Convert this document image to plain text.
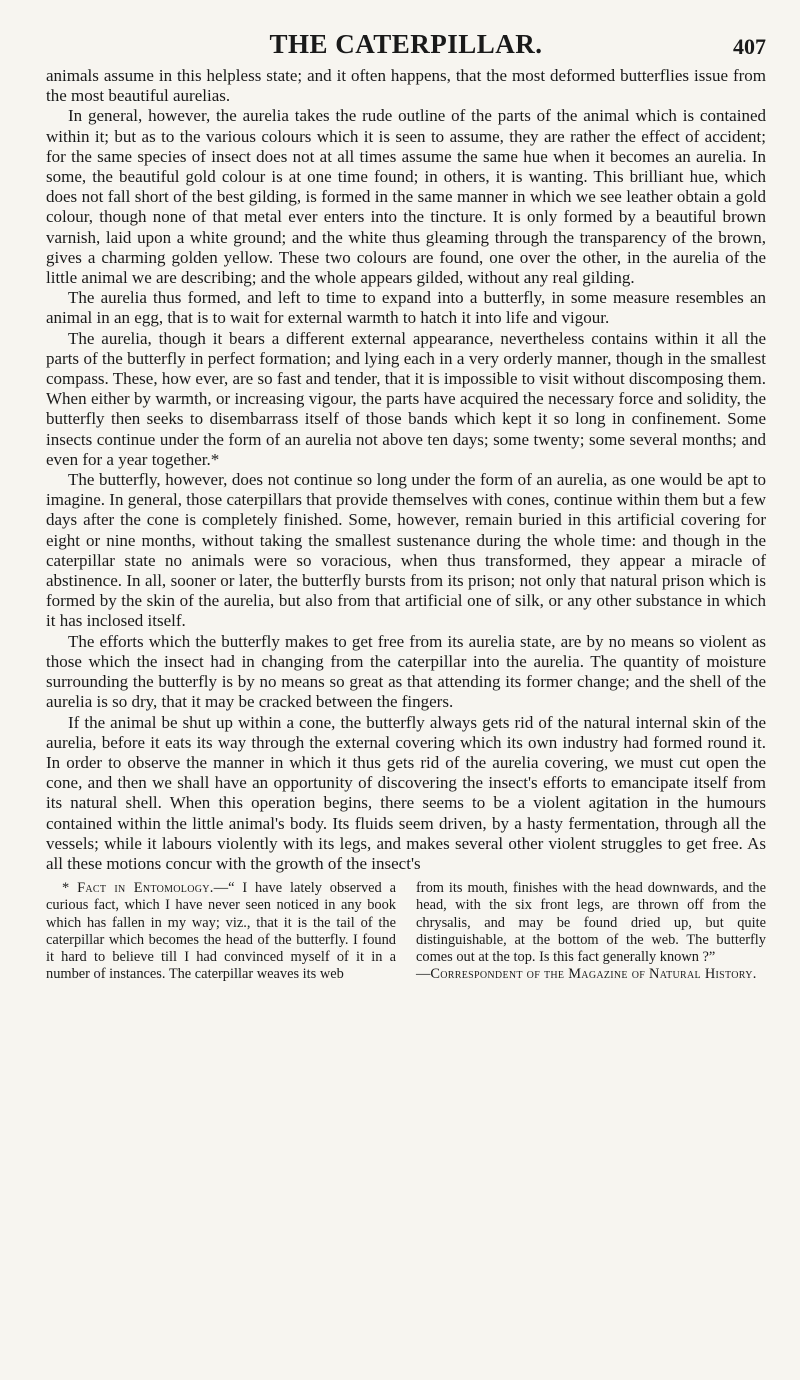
THE CATERPILLAR.	407

animals assume in this helpless state; and it often happens, that the most deformed butterflies issue from the most beautiful aurelias.

In general, however, the aurelia takes the rude outline of the parts of the animal which is contained within it; but as to the various colours which it is seen to assume, they are rather the effect of accident; for the same species of insect does not at all times assume the same hue when it becomes an aurelia. In some, the beautiful gold colour is at one time found; in others, it is wanting. This brilliant hue, which does not fall short of the best gilding, is formed in the same manner in which we see leather obtain a gold colour, though none of that metal ever enters into the tincture. It is only formed by a beautiful brown varnish, laid upon a white ground; and the white thus gleaming through the transparency of the brown, gives a charming golden yellow. These two colours are found, one over the other, in the aurelia of the little animal we are describing; and the whole appears gilded, without any real gilding.

The aurelia thus formed, and left to time to expand into a butterfly, in some measure resembles an animal in an egg, that is to wait for external warmth to hatch it into life and vigour.

The aurelia, though it bears a different external appearance, nevertheless contains within it all the parts of the butterfly in perfect formation; and lying each in a very orderly manner, though in the smallest compass. These, how ever, are so fast and tender, that it is impossible to visit without discomposing them. When either by warmth, or increasing vigour, the parts have acquired the necessary force and solidity, the butterfly then seeks to disembarrass itself of those bands which kept it so long in confinement. Some insects continue under the form of an aurelia not above ten days; some twenty; some several months; and even for a year together.*

The butterfly, however, does not continue so long under the form of an aurelia, as one would be apt to imagine. In general, those caterpillars that provide themselves with cones, continue within them but a few days after the cone is completely finished. Some, however, remain buried in this artificial covering for eight or nine months, without taking the smallest sustenance during the whole time: and though in the caterpillar state no animals were so voracious, when thus transformed, they appear a miracle of abstinence. In all, sooner or later, the butterfly bursts from its prison; not only that natural prison which is formed by the skin of the aurelia, but also from that artificial one of silk, or any other substance in which it has inclosed itself.

The efforts which the butterfly makes to get free from its aurelia state, are by no means so violent as those which the insect had in changing from the caterpillar into the aurelia. The quantity of moisture surrounding the butterfly is by no means so great as that attending its former change; and the shell of the aurelia is so dry, that it may be cracked between the fingers.

If the animal be shut up within a cone, the butterfly always gets rid of the natural internal skin of the aurelia, before it eats its way through the external covering which its own industry had formed round it. In order to observe the manner in which it thus gets rid of the aurelia covering, we must cut open the cone, and then we shall have an opportunity of discovering the insect's efforts to emancipate itself from its natural shell. When this operation begins, there seems to be a violent agitation in the humours contained within the little animal's body. Its fluids seem driven, by a hasty fermentation, through all the vessels; while it labours violently with its legs, and makes several other violent struggles to get free. As all these motions concur with the growth of the insect's

* Fact in Entomology.—“ I have lately observed a curious fact, which I have never seen noticed in any book which has fallen in my way; viz., that it is the tail of the caterpillar which becomes the head of the butterfly. I found it hard to believe till I had convinced myself of it in a number of instances. The caterpillar weaves its web

from its mouth, finishes with the head downwards, and the head, with the six front legs, are thrown off from the chrysalis, and may be found dried up, but quite distinguishable, at the bottom of the web. The butterfly comes out at the top. Is this fact generally known ?”
—Correspondent of the Magazine of Natural History.
